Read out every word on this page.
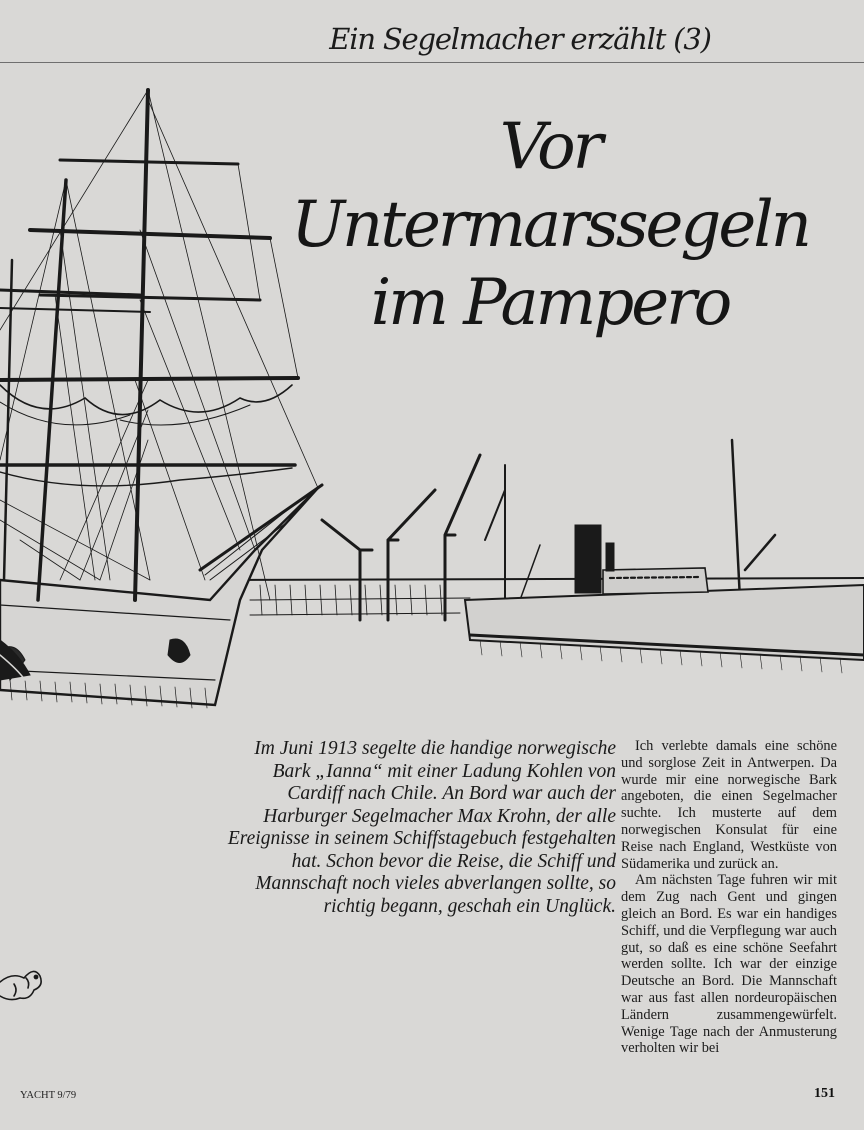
Ein Segelmacher erzählt (3)
Vor Untermarssegeln
im Pampero
Im Juni 1913 segelte die handige norwegische Bark „Ianna“ mit einer Ladung Kohlen von Cardiff nach Chile. An Bord war auch der Harburger Segelmacher Max Krohn, der alle Ereignisse in seinem Schiffstagebuch festgehalten hat. Schon bevor die Reise, die Schiff und Mannschaft noch vieles abverlangen sollte, so richtig begann, geschah ein Unglück.

Ich verlebte damals eine schöne und sorglose Zeit in Antwerpen. Da wurde mir eine norwegische Bark angeboten, die einen Segelmacher suchte. Ich musterte auf dem norwegischen Konsulat für eine Reise nach England, Westküste von Südamerika und zurück an.

Am nächsten Tage fuhren wir mit dem Zug nach Gent und gingen gleich an Bord. Es war ein handiges Schiff, und die Verpflegung war auch gut, so daß es eine schöne Seefahrt werden sollte. Ich war der einzige Deutsche an Bord. Die Mannschaft war aus fast allen nordeuropäischen Ländern zusammengewürfelt. Wenige Tage nach der Anmusterung verholten wir bei

YACHT 9/79	151
